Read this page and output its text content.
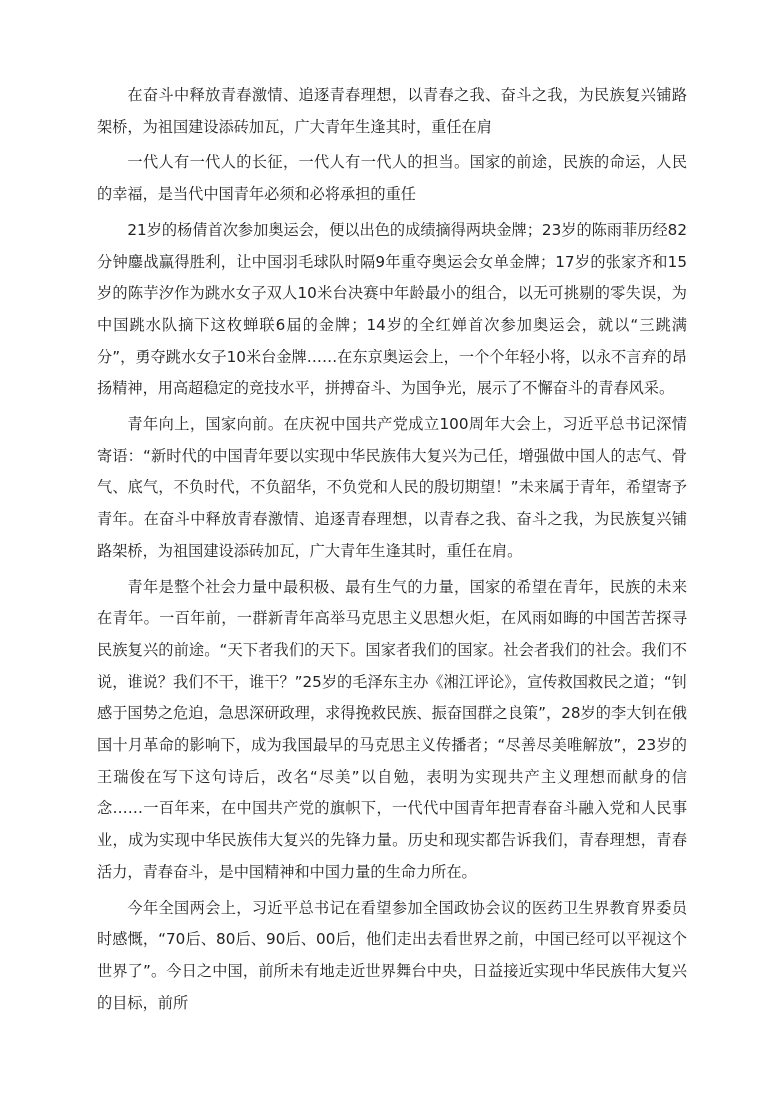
在奋斗中释放青春激情、追逐青春理想，以青春之我、奋斗之我，为民族复兴铺路架桥，为祖国建设添砖加瓦，广大青年生逢其时，重任在肩

一代人有一代人的长征，一代人有一代人的担当。国家的前途，民族的命运，人民的幸福，是当代中国青年必须和必将承担的重任

21岁的杨倩首次参加奥运会，便以出色的成绩摘得两块金牌；23岁的陈雨菲历经82分钟鏖战赢得胜利，让中国羽毛球队时隔9年重夺奥运会女单金牌；17岁的张家齐和15岁的陈芋汐作为跳水女子双人10米台决赛中年龄最小的组合，以无可挑剔的零失误，为中国跳水队摘下这枚蝉联6届的金牌；14岁的全红婵首次参加奥运会，就以“三跳满分”，勇夺跳水女子10米台金牌……在东京奥运会上，一个个年轻小将，以永不言弃的昂扬精神，用高超稳定的竞技水平，拼搏奋斗、为国争光，展示了不懈奋斗的青春风采。

青年向上，国家向前。在庆祝中国共产党成立100周年大会上，习近平总书记深情寄语：“新时代的中国青年要以实现中华民族伟大复兴为己任，增强做中国人的志气、骨气、底气，不负时代，不负韶华，不负党和人民的殷切期望！”未来属于青年，希望寄予青年。在奋斗中释放青春激情、追逐青春理想，以青春之我、奋斗之我，为民族复兴铺路架桥，为祖国建设添砖加瓦，广大青年生逢其时，重任在肩。

青年是整个社会力量中最积极、最有生气的力量，国家的希望在青年，民族的未来在青年。一百年前，一群新青年高举马克思主义思想火炬，在风雨如晦的中国苦苦探寻民族复兴的前途。“天下者我们的天下。国家者我们的国家。社会者我们的社会。我们不说，谁说？我们不干，谁干？”25岁的毛泽东主办《湘江评论》，宣传救国救民之道；“钊感于国势之危迫，急思深研政理，求得挽救民族、振奋国群之良策”，28岁的李大钊在俄国十月革命的影响下，成为我国最早的马克思主义传播者；“尽善尽美唯解放”，23岁的王瑞俊在写下这句诗后，改名“尽美”以自勉，表明为实现共产主义理想而献身的信念……一百年来，在中国共产党的旗帜下，一代代中国青年把青春奋斗融入党和人民事业，成为实现中华民族伟大复兴的先锋力量。历史和现实都告诉我们，青春理想，青春活力，青春奋斗，是中国精神和中国力量的生命力所在。

今年全国两会上，习近平总书记在看望参加全国政协会议的医药卫生界教育界委员时感慨，“70后、80后、90后、00后，他们走出去看世界之前，中国已经可以平视这个世界了”。今日之中国，前所未有地走近世界舞台中央，日益接近实现中华民族伟大复兴的目标，前所
